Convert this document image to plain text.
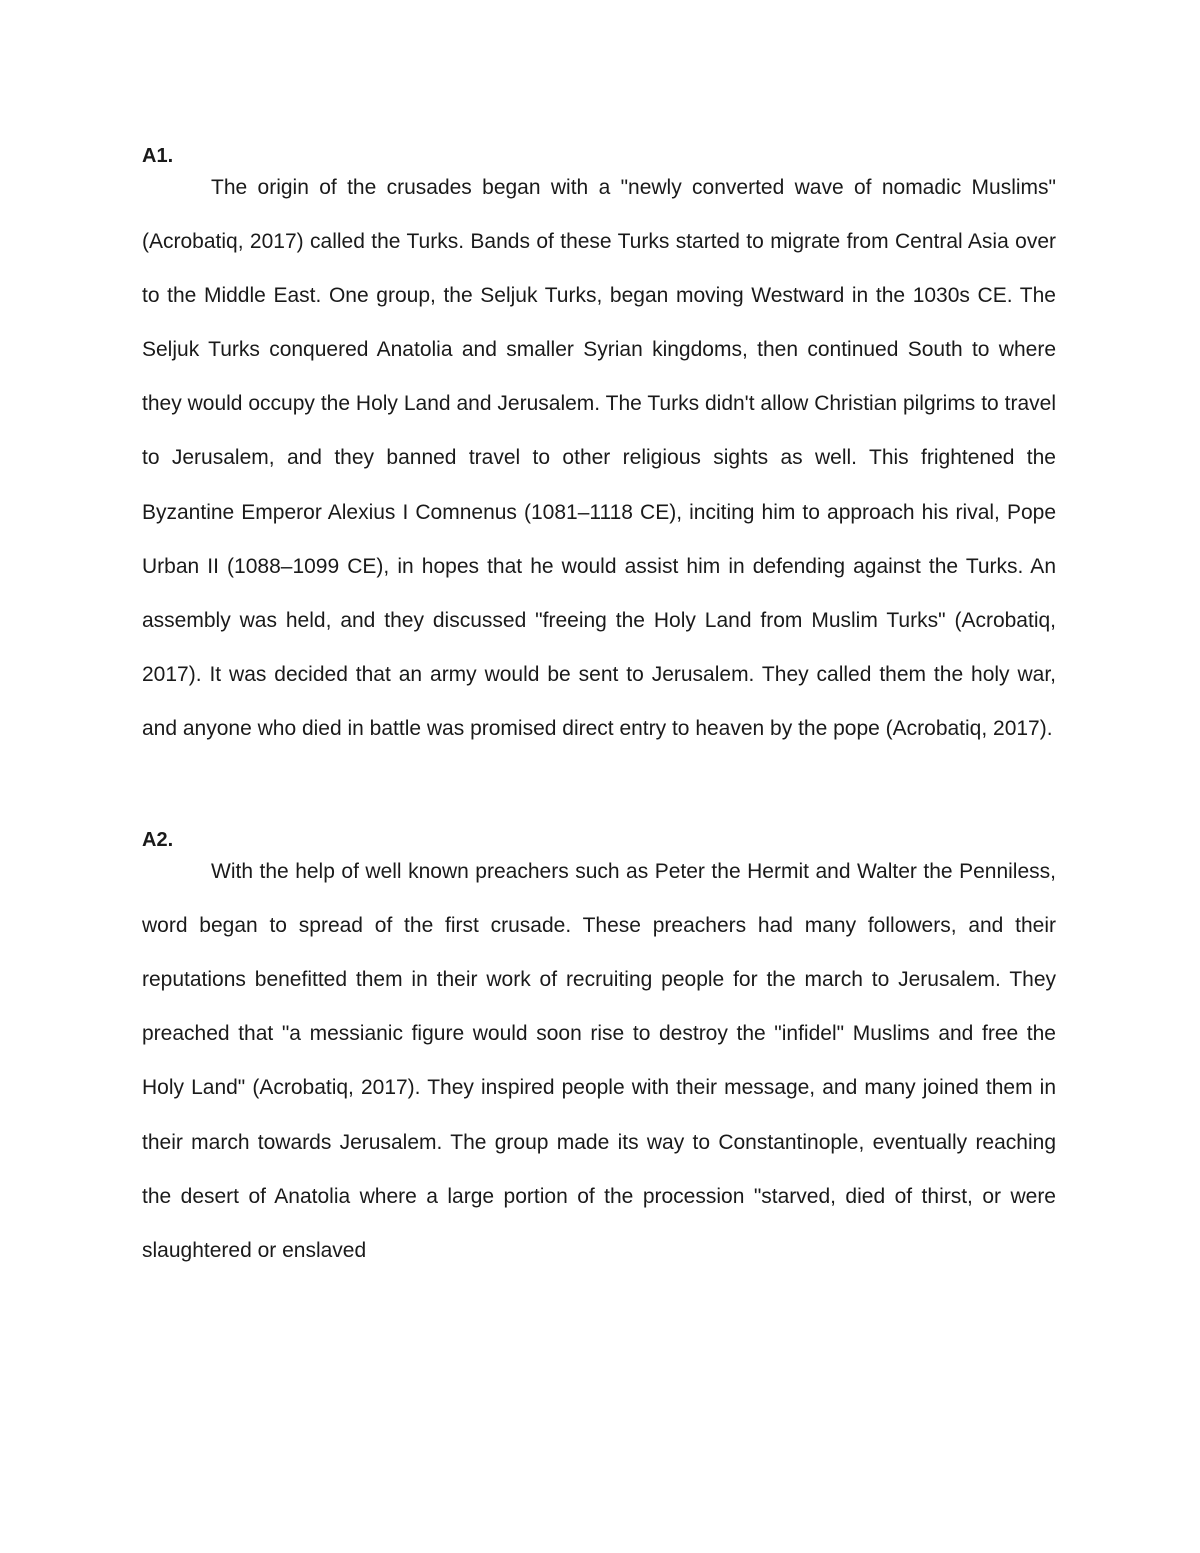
A1.

The origin of the crusades began with a "newly converted wave of nomadic Muslims" (Acrobatiq, 2017) called the Turks. Bands of these Turks started to migrate from Central Asia over to the Middle East. One group, the Seljuk Turks, began moving Westward in the 1030s CE. The Seljuk Turks conquered Anatolia and smaller Syrian kingdoms, then continued South to where they would occupy the Holy Land and Jerusalem. The Turks didn't allow Christian pilgrims to travel to Jerusalem, and they banned travel to other religious sights as well. This frightened the Byzantine Emperor Alexius I Comnenus (1081–1118 CE), inciting him to approach his rival, Pope Urban II (1088–1099 CE), in hopes that he would assist him in defending against the Turks. An assembly was held, and they discussed "freeing the Holy Land from Muslim Turks" (Acrobatiq, 2017). It was decided that an army would be sent to Jerusalem. They called them the holy war, and anyone who died in battle was promised direct entry to heaven by the pope (Acrobatiq, 2017).

A2.

With the help of well known preachers such as Peter the Hermit and Walter the Penniless, word began to spread of the first crusade. These preachers had many followers, and their reputations benefitted them in their work of recruiting people for the march to Jerusalem. They preached that "a messianic figure would soon rise to destroy the "infidel" Muslims and free the Holy Land" (Acrobatiq, 2017). They inspired people with their message, and many joined them in their march towards Jerusalem. The group made its way to Constantinople, eventually reaching the desert of Anatolia where a large portion of the procession "starved, died of thirst, or were slaughtered or enslaved
